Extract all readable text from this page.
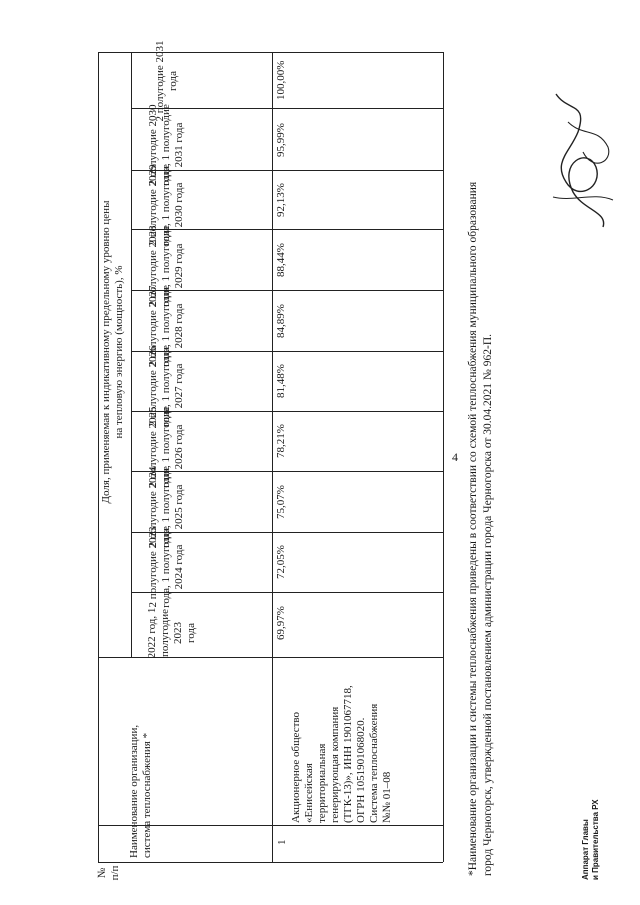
4
№
п/п
Наименование организации,
система теплоснабжения *
Доля, применяемая к индикативному предельному уровню цены
на тепловую энергию (мощность), %
2022 год, 1
полугодие 2023
года
2 полугодие 2023
года, 1 полугодие
2024 года
2 полугодие 2024
года, 1 полугодие
2025 года
2 полугодие 2025
года, 1 полугодие
2026 года
2 полугодие 2026
года, 1 полугодие
2027 года
2 полугодие 2027
года, 1 полугодие
2028 года
2 полугодие 2028
года, 1 полугодие
2029 года
2 полугодие 2029
года, 1 полугодие
2030 года
2 полугодие 2030
года, 1 полугодие
2031 года
2 полугодие 2031
года
1
Акционерное общество
«Енисейская
территориальная
генерирующая компания
(ТГК-13)», ИНН 1901067718,
ОГРН 1051901068020.
Система теплоснабжения
№№ 01–08
69,97%
72,05%
75,07%
78,21%
81,48%
84,89%
88,44%
92,13%
95,99%
100,00%
*Наименование организации и системы теплоснабжения приведены в соответствии со схемой теплоснабжения муниципального образования город Черногорск, утвержденной постановлением администрации города Черногорска от 30.04.2021 № 962-П.	Аппарат Главы и Правительства РХ
